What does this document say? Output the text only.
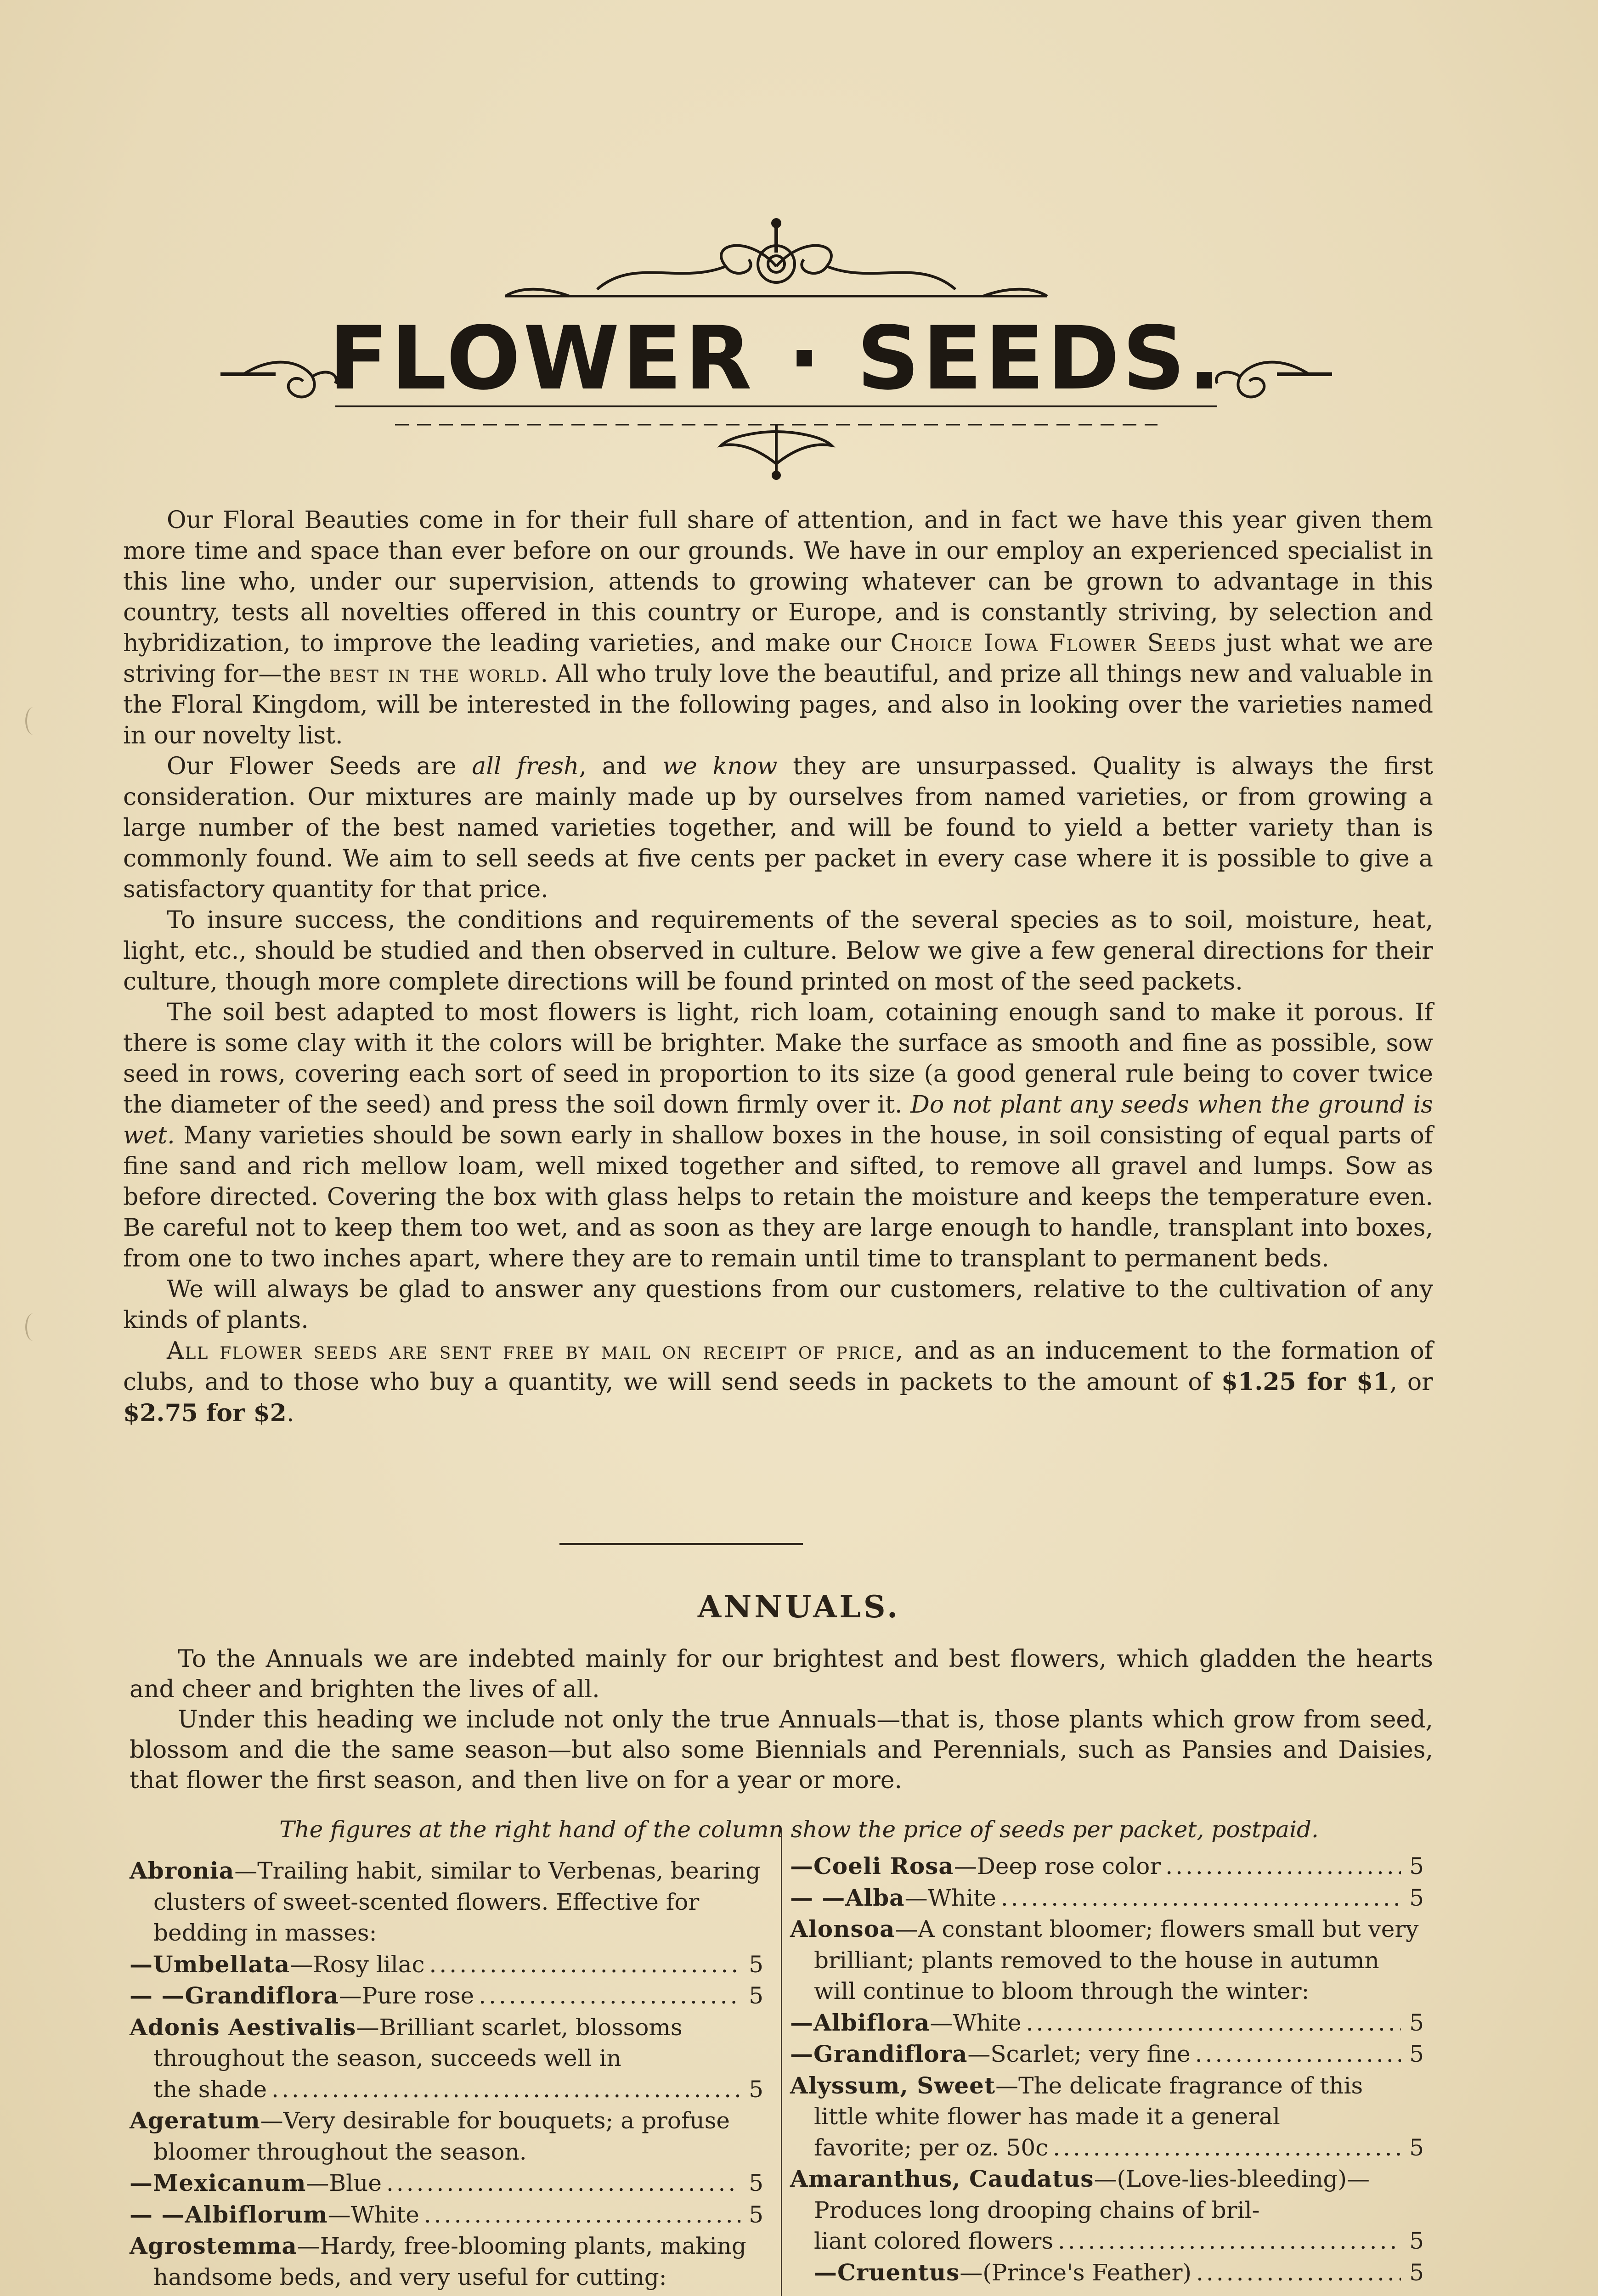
FLOWER · SEEDS.

Our Floral Beauties come in for their full share of attention, and in fact we have this year given them more time and space than ever before on our grounds. We have in our employ an experienced specialist in this line who, under our supervision, attends to growing whatever can be grown to advantage in this country, tests all novelties offered in this country or Europe, and is constantly striving, by selection and hybridization, to improve the leading varieties, and make our Choice Iowa Flower Seeds just what we are striving for—the best in the world. All who truly love the beautiful, and prize all things new and valuable in the Floral Kingdom, will be interested in the following pages, and also in looking over the varieties named in our novelty list.

Our Flower Seeds are all fresh, and we know they are unsurpassed. Quality is always the first consideration. Our mixtures are mainly made up by ourselves from named varieties, or from growing a large number of the best named varieties together, and will be found to yield a better variety than is commonly found. We aim to sell seeds at five cents per packet in every case where it is possible to give a satisfactory quantity for that price.

To insure success, the conditions and requirements of the several species as to soil, moisture, heat, light, etc., should be studied and then observed in culture. Below we give a few general directions for their culture, though more complete directions will be found printed on most of the seed packets.

The soil best adapted to most flowers is light, rich loam, cotaining enough sand to make it porous. If there is some clay with it the colors will be brighter. Make the surface as smooth and fine as possible, sow seed in rows, covering each sort of seed in proportion to its size (a good general rule being to cover twice the diameter of the seed) and press the soil down firmly over it. Do not plant any seeds when the ground is wet. Many varieties should be sown early in shallow boxes in the house, in soil consisting of equal parts of fine sand and rich mellow loam, well mixed together and sifted, to remove all gravel and lumps. Sow as before directed. Covering the box with glass helps to retain the moisture and keeps the temperature even. Be careful not to keep them too wet, and as soon as they are large enough to handle, transplant into boxes, from one to two inches apart, where they are to remain until time to transplant to permanent beds.

We will always be glad to answer any questions from our customers, relative to the cultivation of any kinds of plants.

All flower seeds are sent free by mail on receipt of price, and as an inducement to the formation of clubs, and to those who buy a quantity, we will send seeds in packets to the amount of $1.25 for $1, or $2.75 for $2.

ANNUALS.

To the Annuals we are indebted mainly for our brightest and best flowers, which gladden the hearts and cheer and brighten the lives of all.

Under this heading we include not only the true Annuals—that is, those plants which grow from seed, blossom and die the same season—but also some Biennials and Perennials, such as Pansies and Daisies, that flower the first season, and then live on for a year or more.

The figures at the right hand of the column show the price of seeds per packet, postpaid.
Abronia—Trailing habit, similar to Verbenas, bearing clusters of sweet-scented flowers. Effective for bedding in masses:
—Umbellata—Rosy lilac .....	5
— —Grandiflora—Pure rose .....	5
Adonis Aestivalis—Brilliant scarlet, blossoms throughout the season, succeeds well in
the shade .....	5
Ageratum—Very desirable for bouquets; a profuse bloomer throughout the season.
—Mexicanum—Blue .....	5
— —Albiflorum—White .....	5
Agrostemma—Hardy, free-blooming plants, making handsome beds, and very useful for cutting:
—Coeli Rosa—Deep rose color .....	5
— —Alba—White .....	5
Alonsoa—A constant bloomer; flowers small but very brilliant; plants removed to the house in autumn will continue to bloom through the winter:
—Albiflora—White .....	5
—Grandiflora—Scarlet; very fine .....	5
Alyssum, Sweet—The delicate fragrance of this little white flower has made it a general
favorite; per oz. 50c .....	5
Amaranthus, Caudatus—(Love-lies-bleeding)—Produces long drooping chains of bril-
liant colored flowers .....	5
—Cruentus—(Prince's Feather) .....	5
